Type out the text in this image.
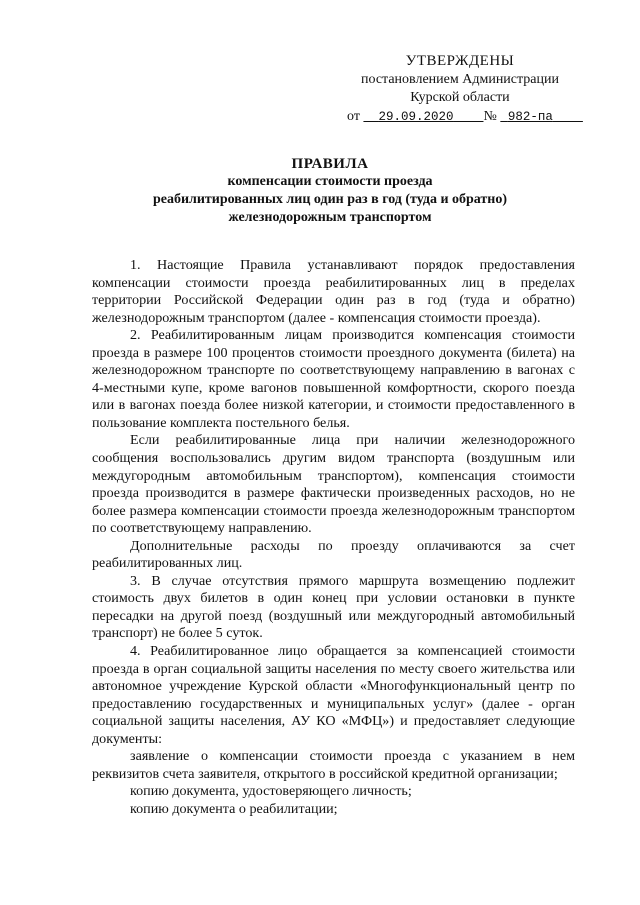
УТВЕРЖДЕНЫ
постановлением Администрации
Курской области
от 29.09.2020 № 982-па
ПРАВИЛА
компенсации стоимости проезда
реабилитированных лиц один раз в год (туда и обратно)
железнодорожным транспортом

1. Настоящие Правила устанавливают порядок предоставления компенсации стоимости проезда реабилитированных лиц в пределах территории Российской Федерации один раз в год (туда и обратно) железнодорожным транспортом (далее - компенсация стоимости проезда).

2. Реабилитированным лицам производится компенсация стоимости проезда в размере 100 процентов стоимости проездного документа (билета) на железнодорожном транспорте по соответствующему направлению в вагонах с 4-местными купе, кроме вагонов повышенной комфортности, скорого поезда или в вагонах поезда более низкой категории, и стоимости предоставленного в пользование комплекта постельного белья.

Если реабилитированные лица при наличии железнодорожного сообщения воспользовались другим видом транспорта (воздушным или междугородным автомобильным транспортом), компенсация стоимости проезда производится в размере фактически произведенных расходов, но не более размера компенсации стоимости проезда железнодорожным транспортом по соответствующему направлению.

Дополнительные расходы по проезду оплачиваются за счет реабилитированных лиц.

3. В случае отсутствия прямого маршрута возмещению подлежит стоимость двух билетов в один конец при условии остановки в пункте пересадки на другой поезд (воздушный или междугородный автомобильный транспорт) не более 5 суток.

4. Реабилитированное лицо обращается за компенсацией стоимости проезда в орган социальной защиты населения по месту своего жительства или автономное учреждение Курской области «Многофункциональный центр по предоставлению государственных и муниципальных услуг» (далее - орган социальной защиты населения, АУ КО «МФЦ») и предоставляет следующие документы:

заявление о компенсации стоимости проезда с указанием в нем реквизитов счета заявителя, открытого в российской кредитной организации;

копию документа, удостоверяющего личность;

копию документа о реабилитации;
